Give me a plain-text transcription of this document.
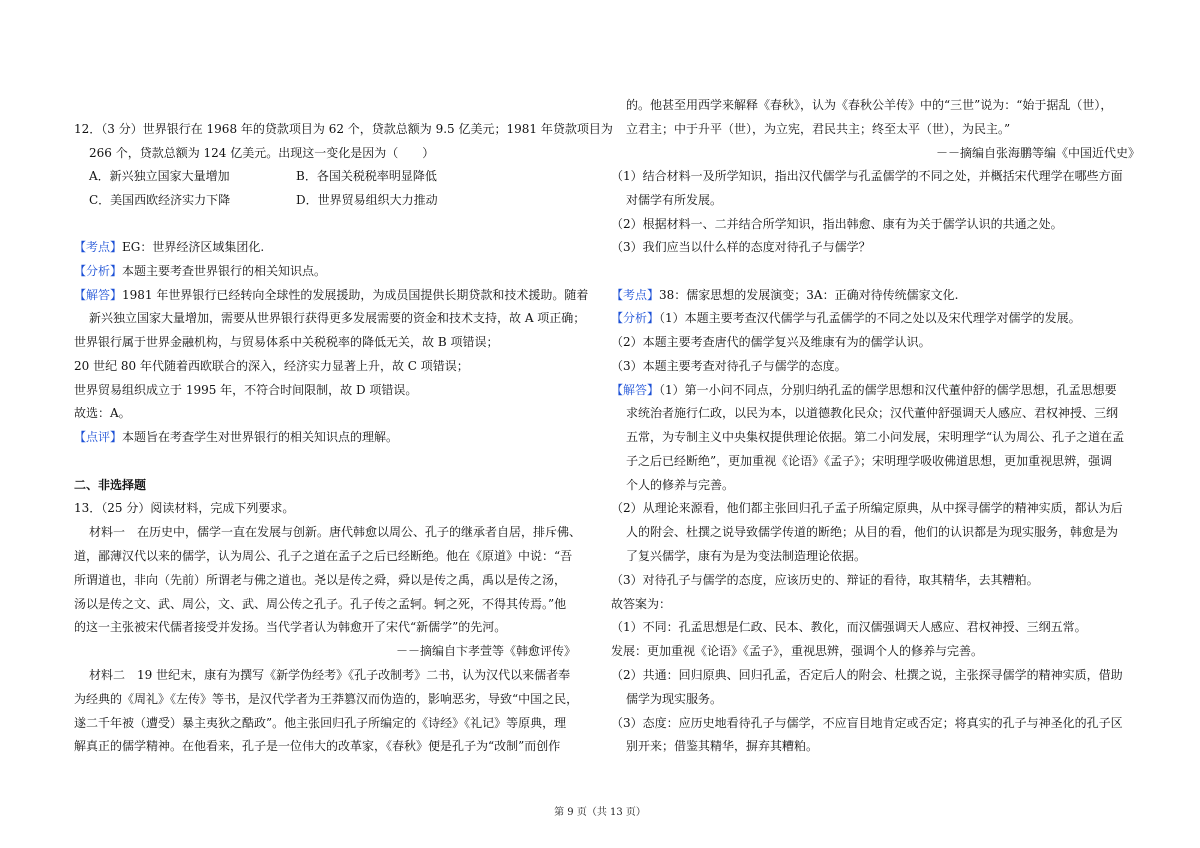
12．（3 分）世界银行在 1968 年的贷款项目为 62 个，贷款总额为 9.5 亿美元；1981 年贷款项目为
266 个，贷款总额为 124 亿美元。出现这一变化是因为（　　）
A．新兴独立国家大量增加	B．各国关税税率明显降低
C．美国西欧经济实力下降	D．世界贸易组织大力推动
【考点】EG：世界经济区域集团化.
【分析】本题主要考查世界银行的相关知识点。
【解答】1981 年世界银行已经转向全球性的发展援助，为成员国提供长期贷款和技术援助。随着
新兴独立国家大量增加，需要从世界银行获得更多发展需要的资金和技术支持，故 A 项正确；
世界银行属于世界金融机构，与贸易体系中关税税率的降低无关，故 B 项错误；
20 世纪 80 年代随着西欧联合的深入，经济实力显著上升，故 C 项错误；
世界贸易组织成立于 1995 年，不符合时间限制，故 D 项错误。
故选：A。
【点评】本题旨在考查学生对世界银行的相关知识点的理解。
二、非选择题
13．（25 分）阅读材料，完成下列要求。
材料一　在历史中，儒学一直在发展与创新。唐代韩愈以周公、孔子的继承者自居，排斥佛、
道，鄙薄汉代以来的儒学，认为周公、孔子之道在孟子之后已经断绝。他在《原道》中说：“吾
所谓道也，非向（先前）所谓老与佛之道也。尧以是传之舜，舜以是传之禹，禹以是传之汤，
汤以是传之文、武、周公，文、武、周公传之孔子。孔子传之孟轲。轲之死，不得其传焉。”他
的这一主张被宋代儒者接受并发扬。当代学者认为韩愈开了宋代“新儒学”的先河。
－－摘编自卞孝萱等《韩愈评传》
材料二　19 世纪末，康有为撰写《新学伪经考》《孔子改制考》二书，认为汉代以来儒者奉
为经典的《周礼》《左传》等书，是汉代学者为王莽篡汉而伪造的，影响恶劣，导致“中国之民，
遂二千年被（遭受）暴主夷狄之酷政”。他主张回归孔子所编定的《诗经》《礼记》等原典，理
解真正的儒学精神。在他看来，孔子是一位伟大的改革家，《春秋》便是孔子为“改制”而创作
的。他甚至用西学来解释《春秋》，认为《春秋公羊传》中的“三世”说为：“始于据乱（世），
立君主；中于升平（世），为立宪，君民共主；终至太平（世），为民主。”
－－摘编自张海鹏等编《中国近代史》
（1）结合材料一及所学知识，指出汉代儒学与孔孟儒学的不同之处，并概括宋代理学在哪些方面
对儒学有所发展。
（2）根据材料一、二并结合所学知识，指出韩愈、康有为关于儒学认识的共通之处。
（3）我们应当以什么样的态度对待孔子与儒学？
【考点】38：儒家思想的发展演变；3A：正确对待传统儒家文化.
【分析】（1）本题主要考查汉代儒学与孔孟儒学的不同之处以及宋代理学对儒学的发展。
（2）本题主要考查唐代的儒学复兴及维康有为的儒学认识。
（3）本题主要考查对待孔子与儒学的态度。
【解答】（1）第一小问不同点，分别归纳孔孟的儒学思想和汉代董仲舒的儒学思想，孔孟思想要
求统治者施行仁政，以民为本，以道德教化民众；汉代董仲舒强调天人感应、君权神授、三纲
五常，为专制主义中央集权提供理论依据。第二小问发展，宋明理学“认为周公、孔子之道在孟
子之后已经断绝”，更加重视《论语》《孟子》；宋明理学吸收佛道思想，更加重视思辨，强调
个人的修养与完善。
（2）从理论来源看，他们都主张回归孔子孟子所编定原典，从中探寻儒学的精神实质，都认为后
人的附会、杜撰之说导致儒学传道的断绝；从目的看，他们的认识都是为现实服务，韩愈是为
了复兴儒学，康有为是为变法制造理论依据。
（3）对待孔子与儒学的态度，应该历史的、辩证的看待，取其精华，去其糟粕。
故答案为：
（1）不同：孔孟思想是仁政、民本、教化，而汉儒强调天人感应、君权神授、三纲五常。
发展：更加重视《论语》《孟子》，重视思辨，强调个人的修养与完善。
（2）共通：回归原典、回归孔孟，否定后人的附会、杜撰之说，主张探寻儒学的精神实质，借助
儒学为现实服务。
（3）态度：应历史地看待孔子与儒学，不应盲目地肯定或否定；将真实的孔子与神圣化的孔子区
别开来；借鉴其精华，摒弃其糟粕。
第 9 页（共 13 页）
